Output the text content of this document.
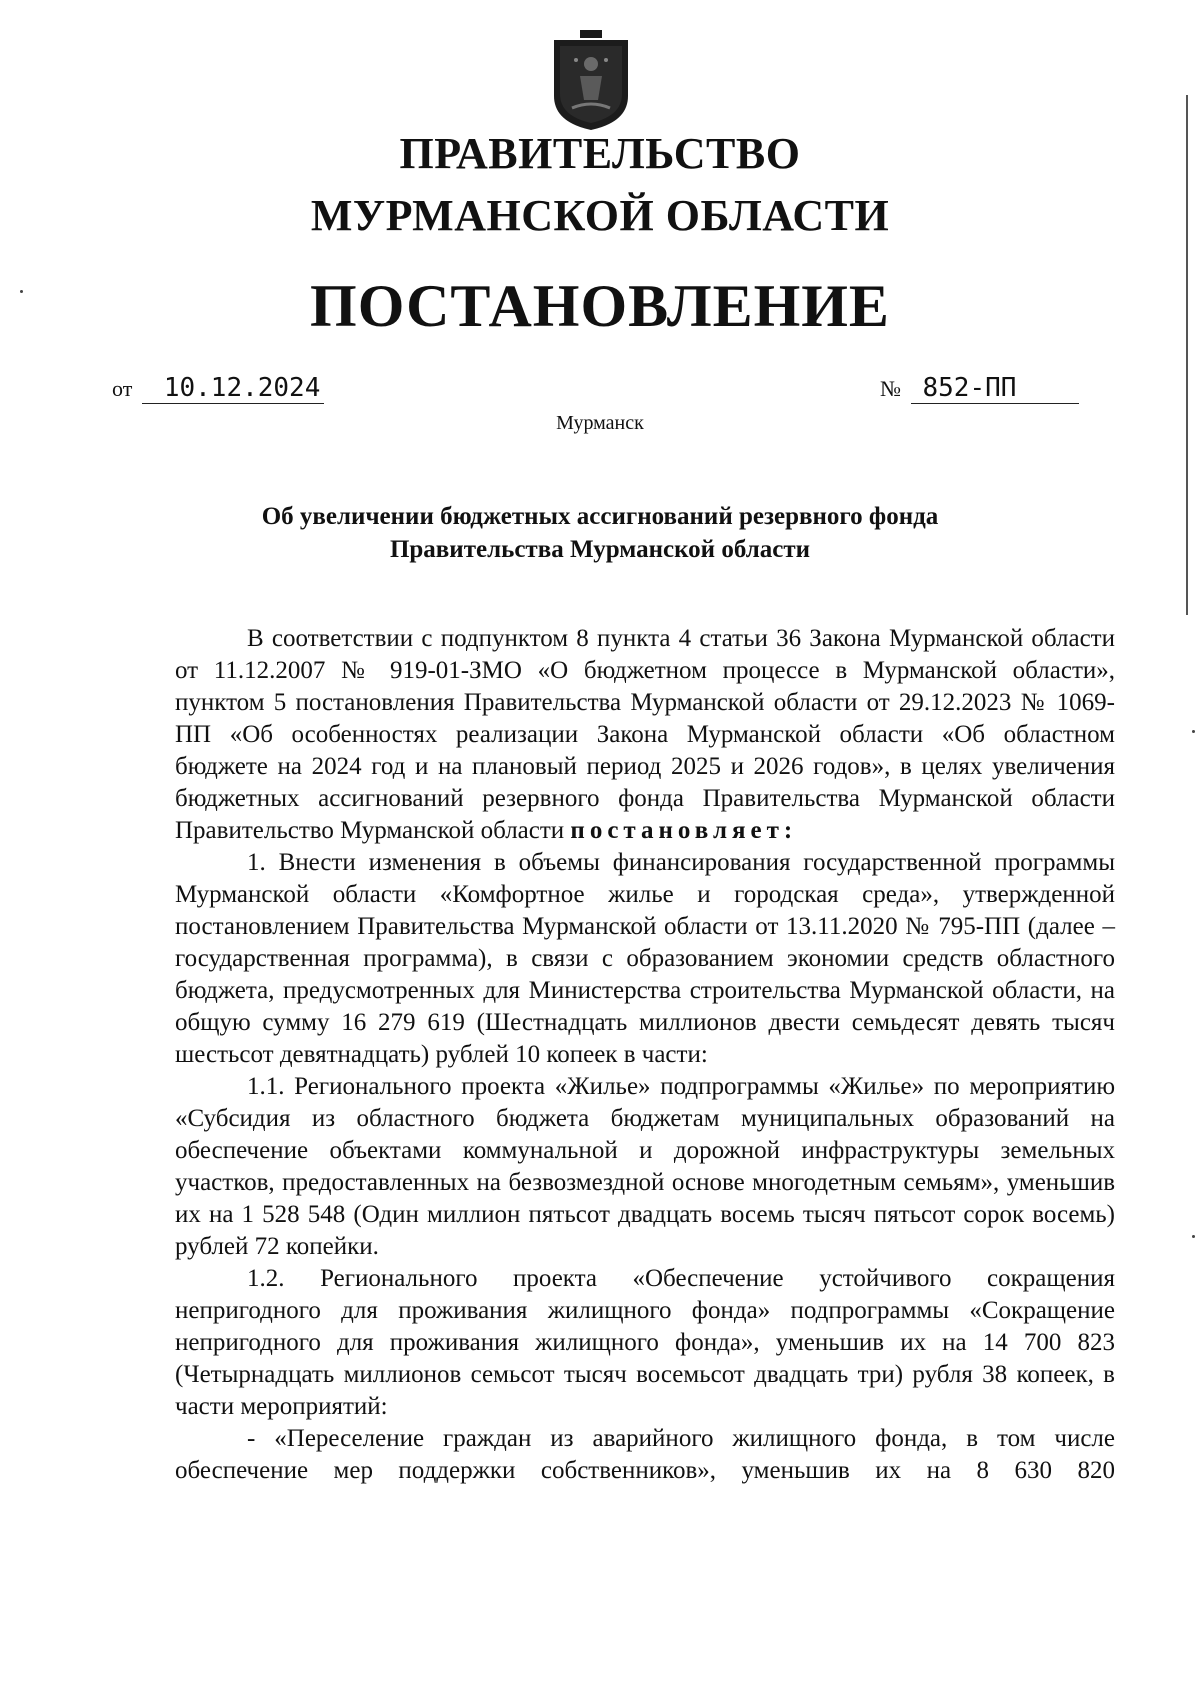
ПРАВИТЕЛЬСТВО
МУРМАНСКОЙ ОБЛАСТИ
ПОСТАНОВЛЕНИЕ
от 10.12.2024	№ 852-ПП
Мурманск
Об увеличении бюджетных ассигнований резервного фонда
Правительства Мурманской области

В соответствии с подпунктом 8 пункта 4 статьи 36 Закона Мурманской области от 11.12.2007 № 919-01-ЗМО «О бюджетном процессе в Мурманской области», пунктом 5 постановления Правительства Мурманской области от 29.12.2023 № 1069-ПП «Об особенностях реализации Закона Мурманской области «Об областном бюджете на 2024 год и на плановый период 2025 и 2026 годов», в целях увеличения бюджетных ассигнований резервного фонда Правительства Мурманской области Правительство Мурманской области постановляет:

1. Внести изменения в объемы финансирования государственной программы Мурманской области «Комфортное жилье и городская среда», утвержденной постановлением Правительства Мурманской области от 13.11.2020 № 795-ПП (далее – государственная программа), в связи с образованием экономии средств областного бюджета, предусмотренных для Министерства строительства Мурманской области, на общую сумму 16 279 619 (Шестнадцать миллионов двести семьдесят девять тысяч шестьсот девятнадцать) рублей 10 копеек в части:

1.1. Регионального проекта «Жилье» подпрограммы «Жилье» по мероприятию «Субсидия из областного бюджета бюджетам муниципальных образований на обеспечение объектами коммунальной и дорожной инфраструктуры земельных участков, предоставленных на безвозмездной основе многодетным семьям», уменьшив их на 1 528 548 (Один миллион пятьсот двадцать восемь тысяч пятьсот сорок восемь) рублей 72 копейки.

1.2. Регионального проекта «Обеспечение устойчивого сокращения непригодного для проживания жилищного фонда» подпрограммы «Сокращение непригодного для проживания жилищного фонда», уменьшив их на 14 700 823 (Четырнадцать миллионов семьсот тысяч восемьсот двадцать три) рубля 38 копеек, в части мероприятий:

- «Переселение граждан из аварийного жилищного фонда, в том числе обеспечение мер поддержки собственников», уменьшив их на 8 630 820
